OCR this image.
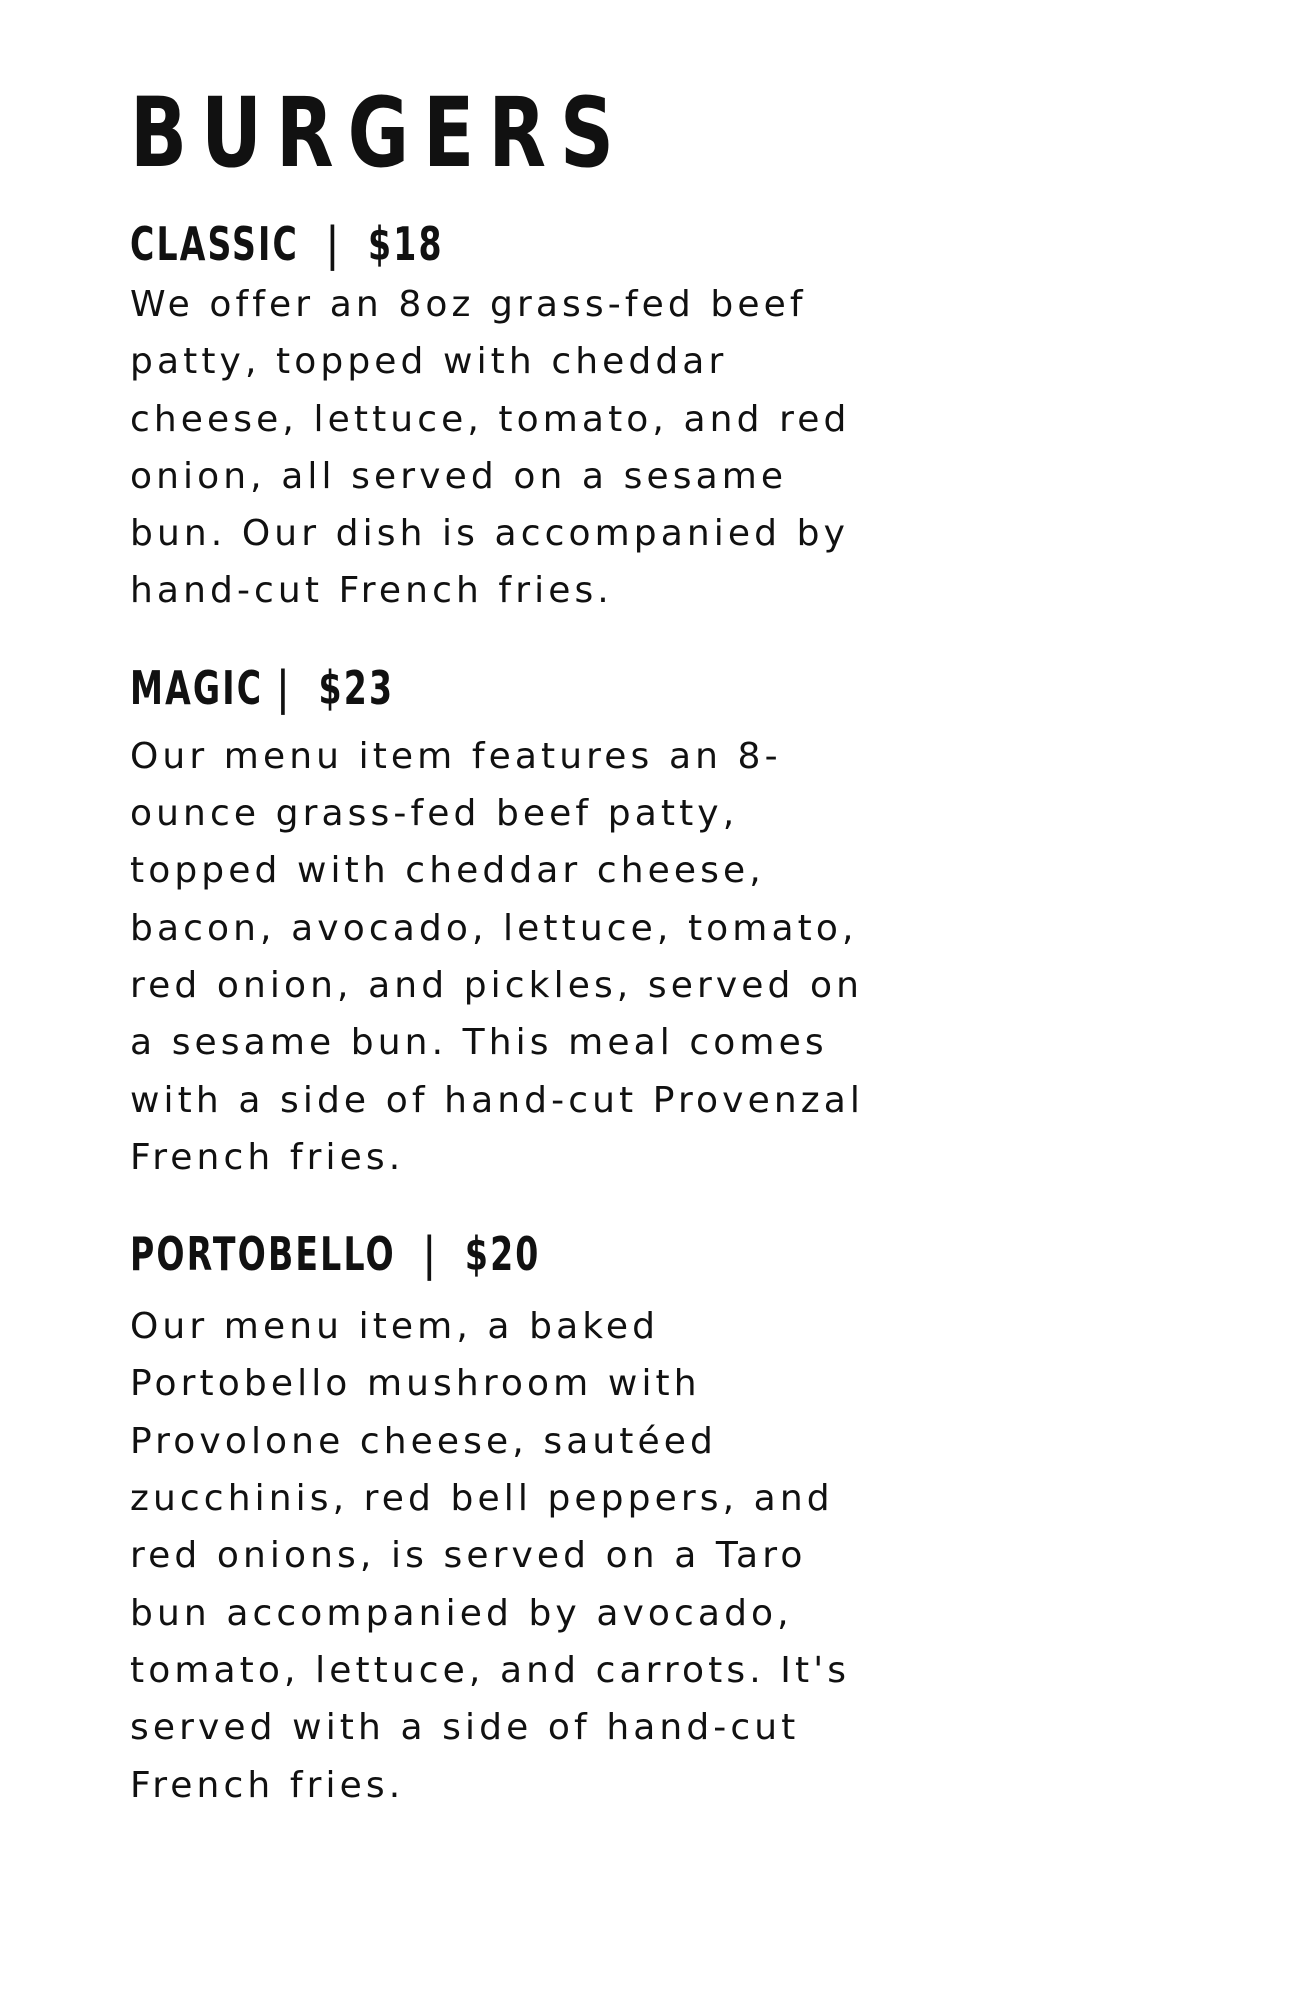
BURGERS
CLASSIC | $18

We offer an 8oz grass-fed beef patty, topped with cheddar cheese, lettuce, tomato, and red onion, all served on a sesame bun. Our dish is accompanied by hand-cut French fries.

MAGIC | $23

Our menu item features an 8-ounce grass-fed beef patty, topped with cheddar cheese, bacon, avocado, lettuce, tomato, red onion, and pickles, served on a sesame bun. This meal comes with a side of hand-cut Provenzal French fries.

PORTOBELLO | $20

Our menu item, a baked Portobello mushroom with Provolone cheese, sautéed zucchinis, red bell peppers, and red onions, is served on a Taro bun accompanied by avocado, tomato, lettuce, and carrots. It's served with a side of hand-cut French fries.
